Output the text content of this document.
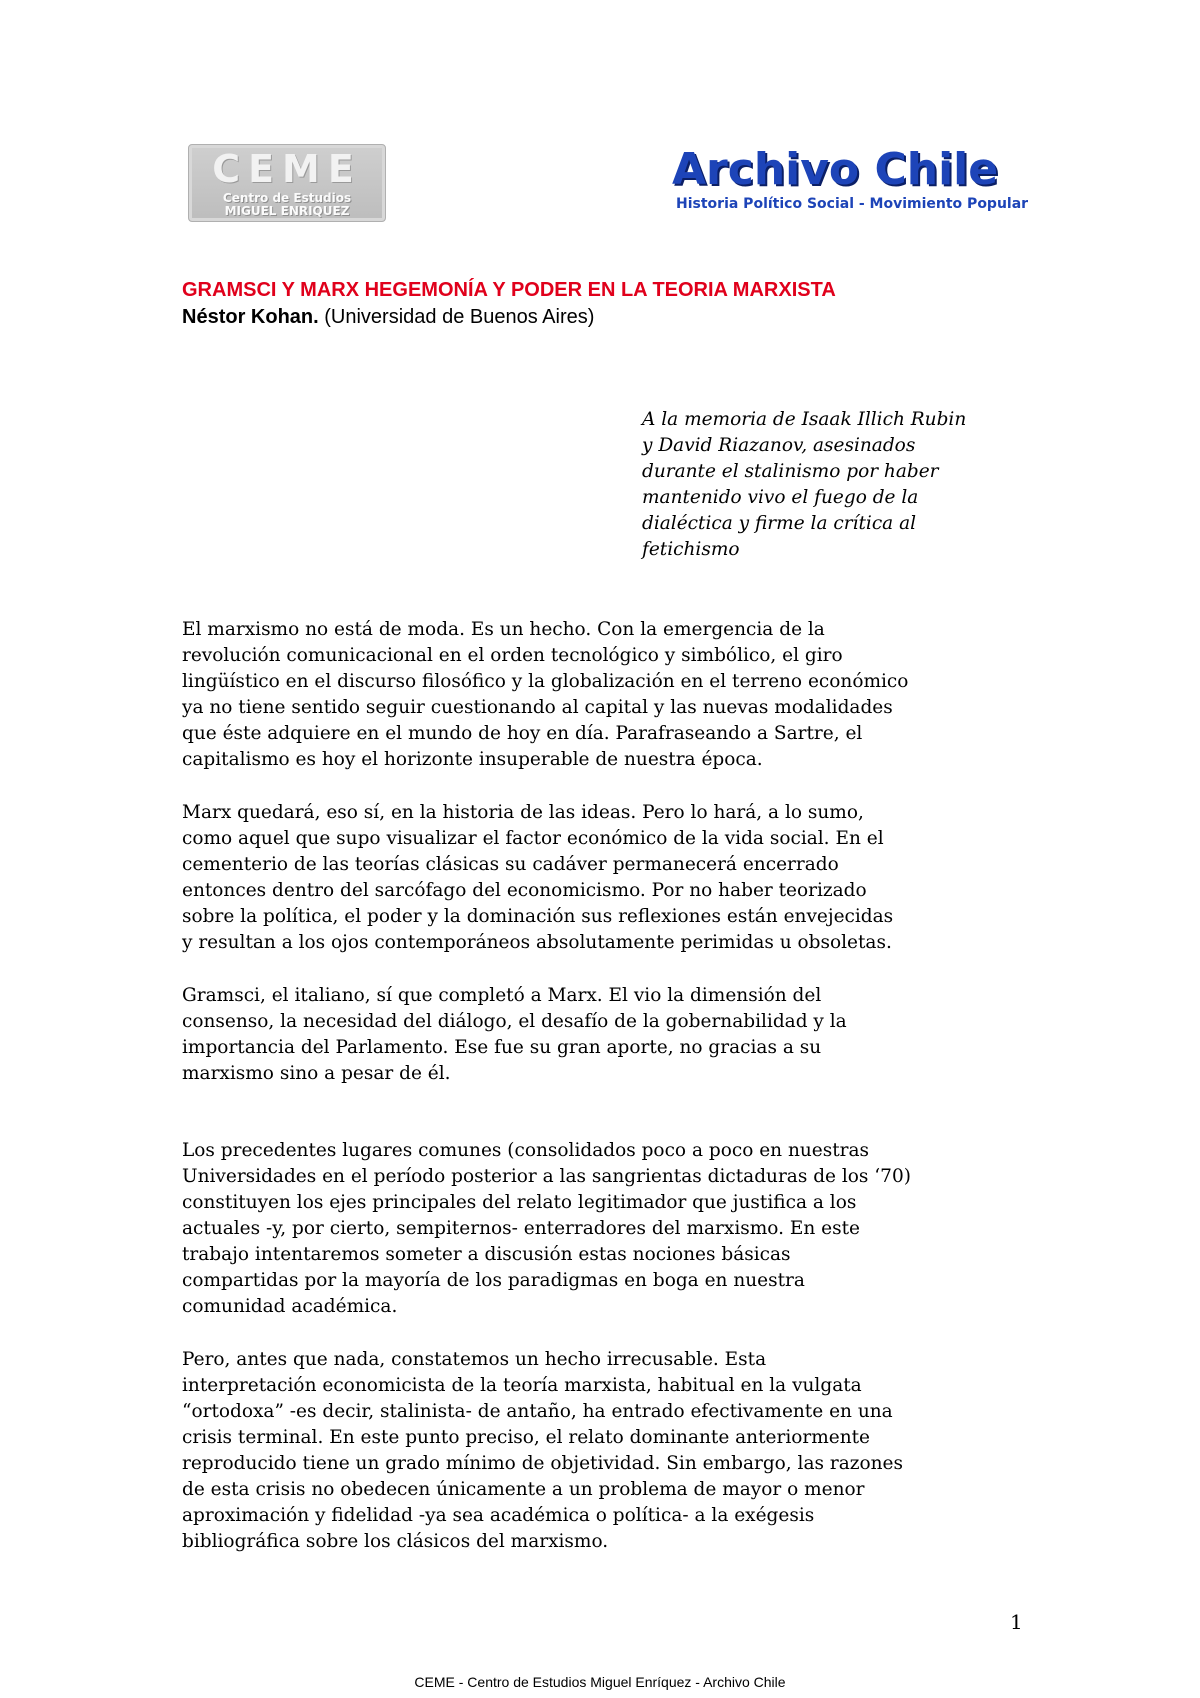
CEME
Centro de Estudios
MIGUEL ENRIQUEZ
Archivo Chile
Historia Político Social - Movimiento Popular
GRAMSCI Y MARX HEGEMONÍA Y PODER EN LA TEORIA MARXISTA
Néstor Kohan. (Universidad de Buenos Aires)
A la memoria de Isaak Illich Rubin
y David Riazanov, asesinados
durante el stalinismo por haber
mantenido vivo el fuego de la
dialéctica y firme la crítica al
fetichismo
El marxismo no está de moda. Es un hecho. Con la emergencia de la
revolución comunicacional en el orden tecnológico y simbólico, el giro
lingüístico en el discurso filosófico y la globalización en el terreno económico
ya no tiene sentido seguir cuestionando al capital y las nuevas modalidades
que éste adquiere en el mundo de hoy en día. Parafraseando a Sartre, el
capitalismo es hoy el horizonte insuperable de nuestra época.
Marx quedará, eso sí, en la historia de las ideas. Pero lo hará, a lo sumo,
como aquel que supo visualizar el factor económico de la vida social. En el
cementerio de las teorías clásicas su cadáver permanecerá encerrado
entonces dentro del sarcófago del economicismo. Por no haber teorizado
sobre la política, el poder y la dominación sus reflexiones están envejecidas
y resultan a los ojos contemporáneos absolutamente perimidas u obsoletas.
Gramsci, el italiano, sí que completó a Marx. El vio la dimensión del
consenso, la necesidad del diálogo, el desafío de la gobernabilidad y la
importancia del Parlamento. Ese fue su gran aporte, no gracias a su
marxismo sino a pesar de él.
Los precedentes lugares comunes (consolidados poco a poco en nuestras
Universidades en el período posterior a las sangrientas dictaduras de los ‘70)
constituyen los ejes principales del relato legitimador que justifica a los
actuales -y, por cierto, sempiternos- enterradores del marxismo. En este
trabajo intentaremos someter a discusión estas nociones básicas
compartidas por la mayoría de los paradigmas en boga en nuestra
comunidad académica.
Pero, antes que nada, constatemos un hecho irrecusable. Esta
interpretación economicista de la teoría marxista, habitual en la vulgata
“ortodoxa” -es decir, stalinista- de antaño, ha entrado efectivamente en una
crisis terminal. En este punto preciso, el relato dominante anteriormente
reproducido tiene un grado mínimo de objetividad. Sin embargo, las razones
de esta crisis no obedecen únicamente a un problema de mayor o menor
aproximación y fidelidad -ya sea académica o política- a la exégesis
bibliográfica sobre los clásicos del marxismo.
1
CEME - Centro de Estudios Miguel Enríquez - Archivo Chile
